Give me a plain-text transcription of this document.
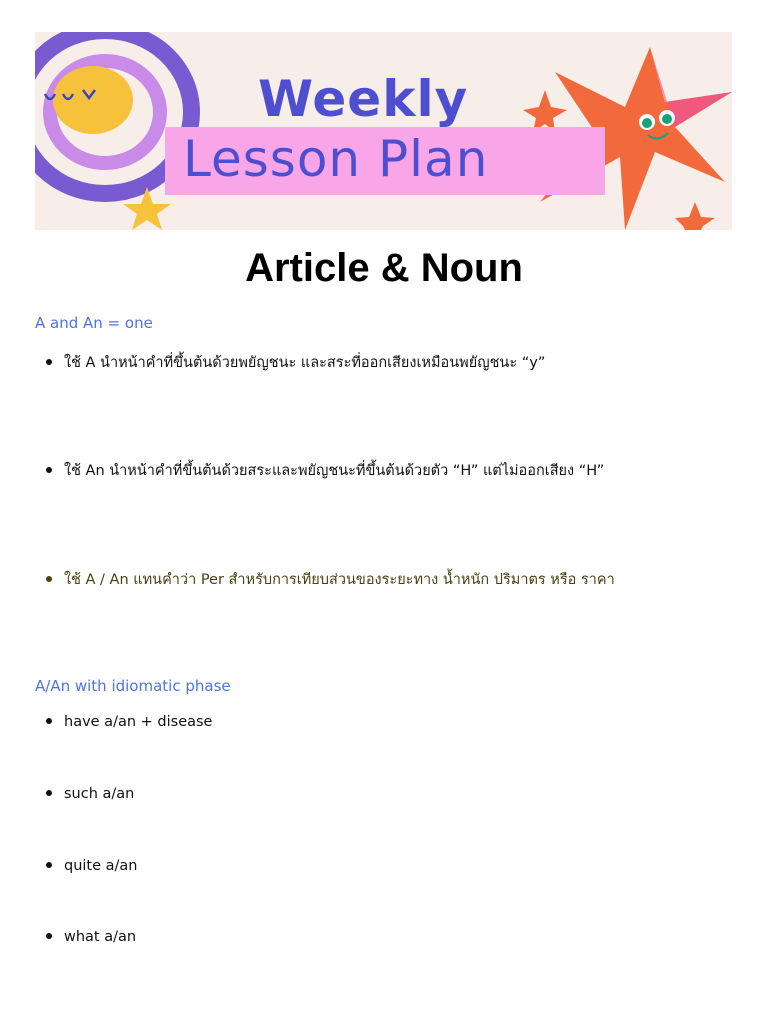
Weekly
Lesson Plan
Article & Noun
A and An = one
ใช้ A นำหน้าคำที่ขึ้นต้นด้วยพยัญชนะ และสระที่ออกเสียงเหมือนพยัญชนะ “y”
ใช้ An นำหน้าคำที่ขึ้นต้นด้วยสระและพยัญชนะที่ขึ้นต้นด้วยตัว “H” แต่ไม่ออกเสียง “H”
ใช้ A / An แทนคำว่า Per สำหรับการเทียบส่วนของระยะทาง น้ำหนัก ปริมาตร หรือ ราคา
A/An with idiomatic phase
have a/an + disease
such a/an
quite a/an
what a/an
